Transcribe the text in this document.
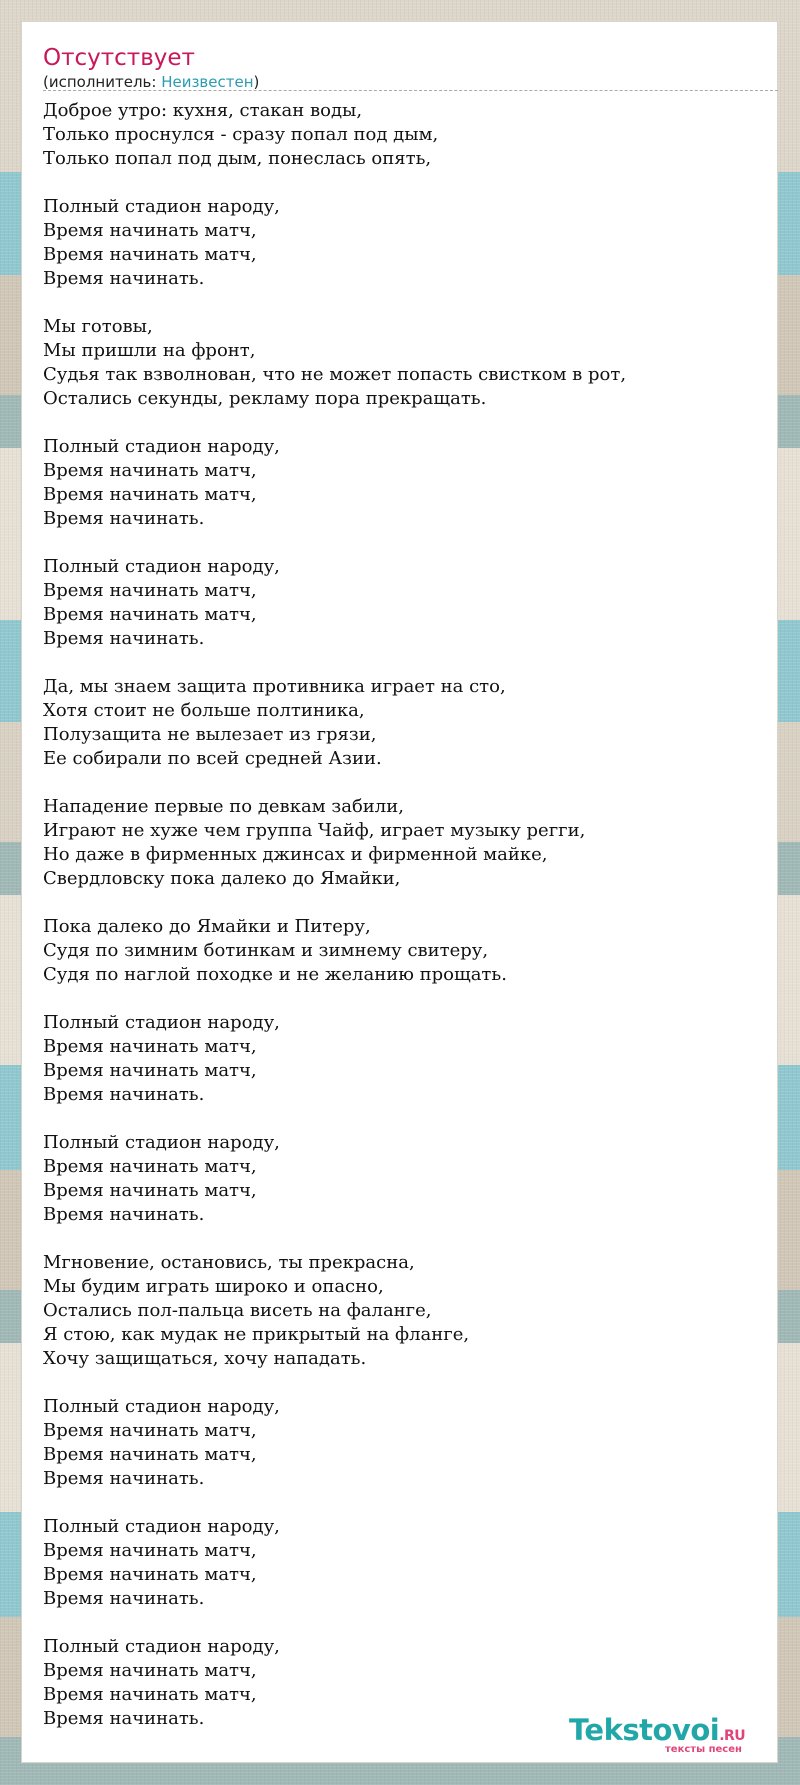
Отсутствует
(исполнитель: Неизвестен)
Доброе утро: кухня, стакан воды,
Только проснулся - сразу попал под дым,
Только попал под дым, понеслась опять,
Полный стадион народу,
Время начинать матч,
Время начинать матч,
Время начинать.
Мы готовы,
Мы пришли на фронт,
Судья так взволнован, что не может попасть свистком в рот,
Остались секунды, рекламу пора прекращать.
Полный стадион народу,
Время начинать матч,
Время начинать матч,
Время начинать.
Полный стадион народу,
Время начинать матч,
Время начинать матч,
Время начинать.
Да, мы знаем защита противника играет на сто,
Хотя стоит не больше полтиника,
Полузащита не вылезает из грязи,
Ее собирали по всей средней Азии.
Нападение первые по девкам забили,
Играют не хуже чем группа Чайф, играет музыку регги,
Но даже в фирменных джинсах и фирменной майке,
Свердловску пока далеко до Ямайки,
Пока далеко до Ямайки и Питеру,
Судя по зимним ботинкам и зимнему свитеру,
Судя по наглой походке и не желанию прощать.
Полный стадион народу,
Время начинать матч,
Время начинать матч,
Время начинать.
Полный стадион народу,
Время начинать матч,
Время начинать матч,
Время начинать.
Мгновение, остановись, ты прекрасна,
Мы будим играть широко и опасно,
Остались пол-пальца висеть на фаланге,
Я стою, как мудак не прикрытый на фланге,
Хочу защищаться, хочу нападать.
Полный стадион народу,
Время начинать матч,
Время начинать матч,
Время начинать.
Полный стадион народу,
Время начинать матч,
Время начинать матч,
Время начинать.
Полный стадион народу,
Время начинать матч,
Время начинать матч,
Время начинать.	Tekstovoi.RU
тексты песен
